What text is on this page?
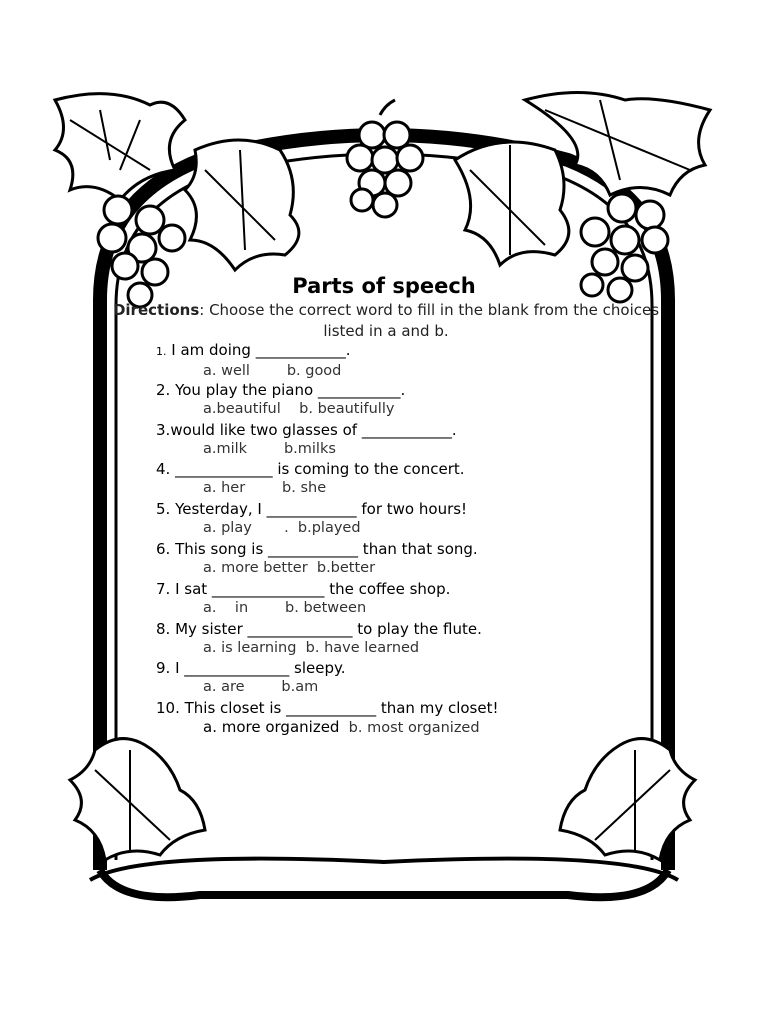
Parts of speech
Directions: Choose the correct word to fill in the blank from the choices listed in a and b.
1. I am doing ____________.
a. well        b. good
2. You play the piano ___________.
a.beautiful    b. beautifully
3.would like two glasses of ____________.
a.milk        b.milks
4. _____________ is coming to the concert.
a. her        b. she
5. Yesterday, I ____________ for two hours!
a. play       .  b.played
6. This song is ____________ than that song.
a. more better  b.better
7. I sat _______________ the coffee shop.
a.    in        b. between
8. My sister ______________ to play the flute.
a. is learning  b. have learned
9. I ______________ sleepy.
a. are        b.am
10. This closet is ____________ than my closet!
a. more organized  b. most organized
